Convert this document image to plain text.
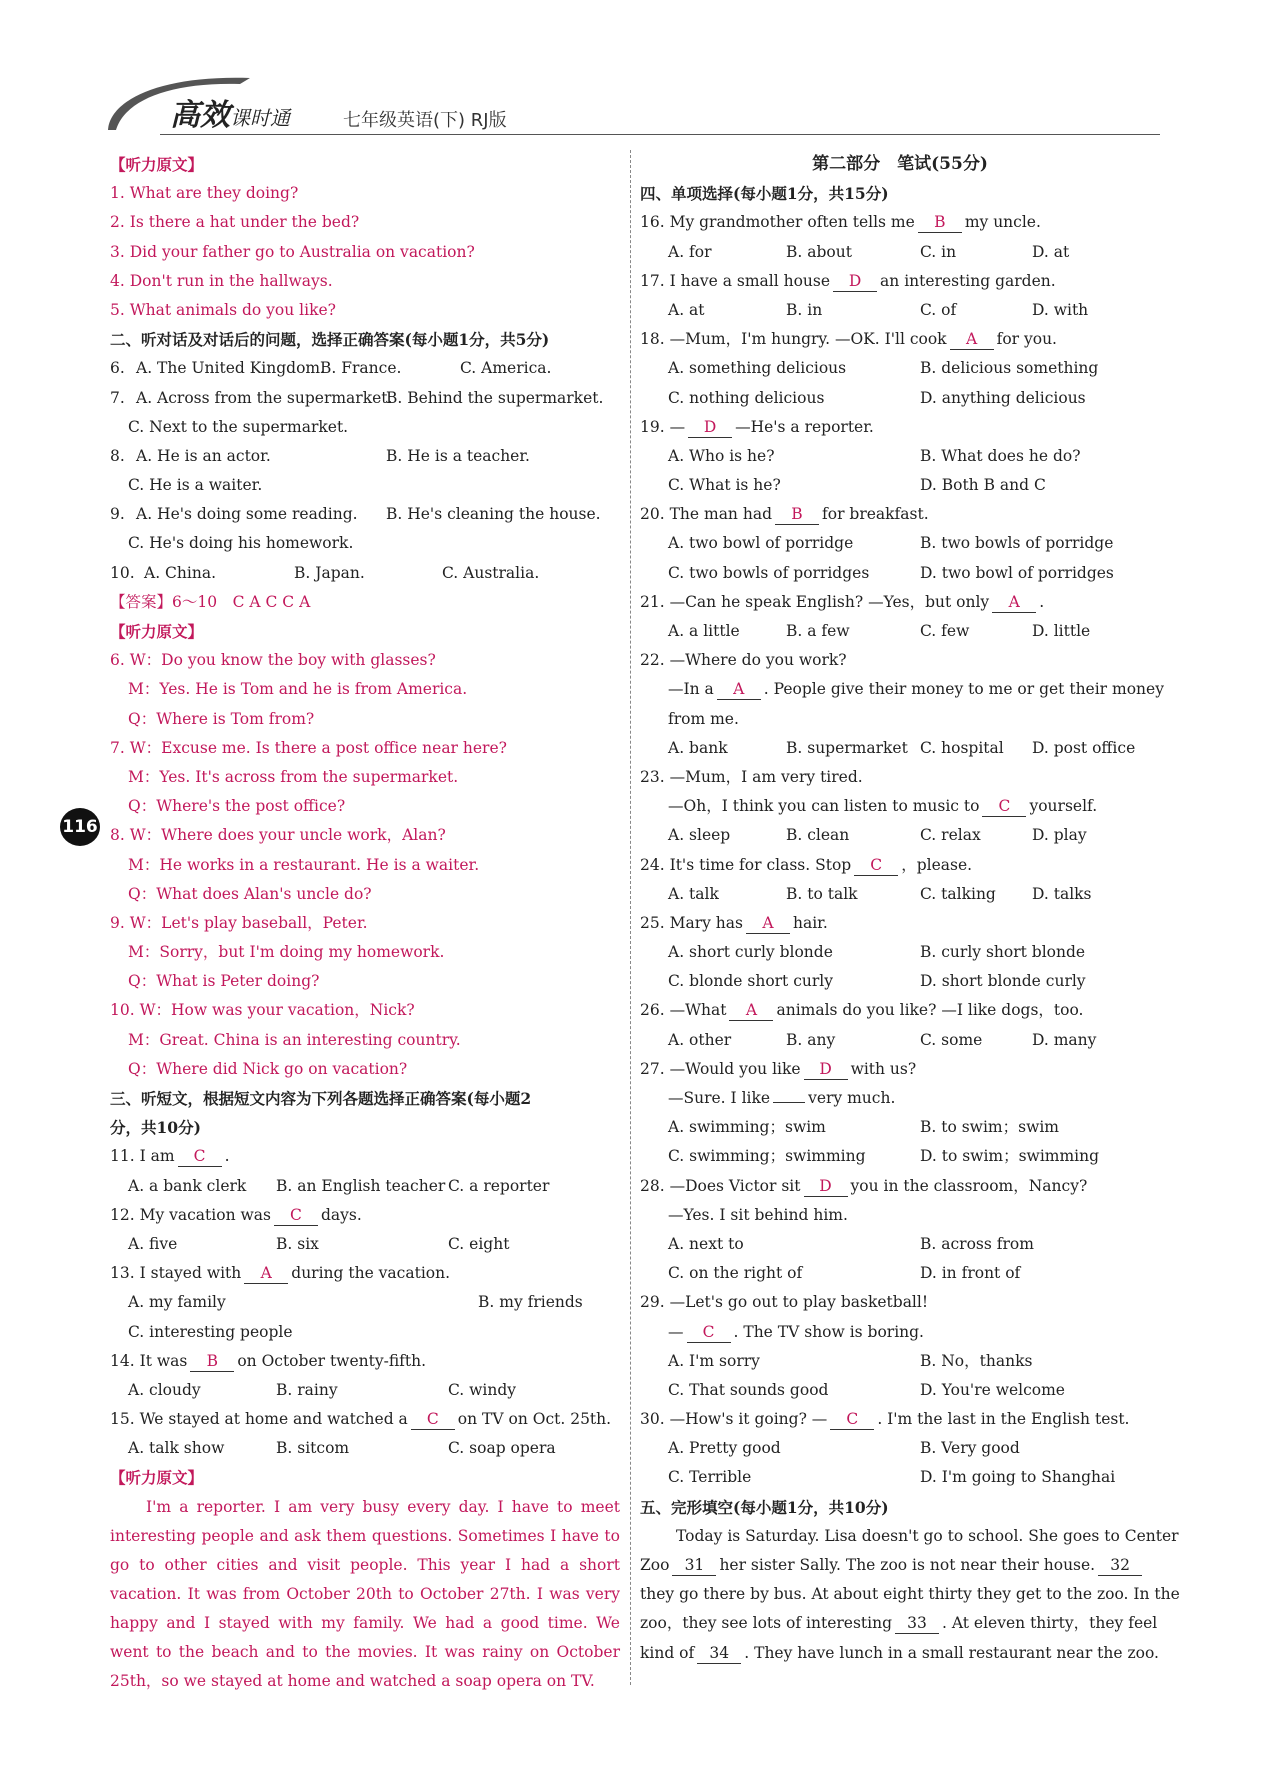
高效课时通	七年级英语(下) RJ版
116
【听力原文】
1. What are they doing?
2. Is there a hat under the bed?
3. Did your father go to Australia on vacation?
4. Don't run in the hallways.
5. What animals do you like?
二、听对话及对话后的问题，选择正确答案(每小题1分，共5分)
6. A. The United Kingdom.
B. France.	C. America.
7. A. Across from the supermarket.
B. Behind the supermarket.
C. Next to the supermarket.
8. A. He is an actor.	B. He is a teacher.
C. He is a waiter.
9. A. He's doing some reading.	B. He's cleaning the house.
C. He's doing his homework.
10. A. China.	B. Japan.	C. Australia.
【答案】6～10　C A C C A
【听力原文】
6. W：Do you know the boy with glasses?
M：Yes. He is Tom and he is from America.
Q：Where is Tom from?
7. W：Excuse me. Is there a post office near here?
M：Yes. It's across from the supermarket.
Q：Where's the post office?
8. W：Where does your uncle work，Alan?
M：He works in a restaurant. He is a waiter.
Q：What does Alan's uncle do?
9. W：Let's play baseball，Peter.
M：Sorry，but I'm doing my homework.
Q：What is Peter doing?
10. W：How was your vacation，Nick?
M：Great. China is an interesting country.
Q：Where did Nick go on vacation?
三、听短文，根据短文内容为下列各题选择正确答案(每小题2
分，共10分)
11. I am C .
A. a bank clerk	B. an English teacher C. a reporter
12. My vacation was C days.
A. five	B. six	C. eight
13. I stayed with A during the vacation.
A. my family	B. my friends
C. interesting people
14. It was B on October twenty-fifth.
A. cloudy	B. rainy	C. windy
15. We stayed at home and watched a C on TV on Oct. 25th.
A. talk show	B. sitcom	C. soap opera
【听力原文】
I'm a reporter. I am very busy every day. I have to meet interesting people and ask them questions. Sometimes I have to go to other cities and visit people. This year I had a short vacation. It was from October 20th to October 27th. I was very happy and I stayed with my family. We had a good time. We went to the beach and to the movies. It was rainy on October 25th，so we stayed at home and watched a soap opera on TV.
第二部分　笔试(55分)
四、单项选择(每小题1分，共15分)
16. My grandmother often tells me B my uncle.
A. for	B. about	C. in	D. at
17. I have a small house D an interesting garden.
A. at	B. in	C. of	D. with
18. —Mum，I'm hungry. —OK. I'll cook A for you.
A. something delicious	B. delicious something
C. nothing delicious	D. anything delicious
19. — D —He's a reporter.
A. Who is he?	B. What does he do?
C. What is he?	D. Both B and C
20. The man had B for breakfast.
A. two bowl of porridge	B. two bowls of porridge
C. two bowls of porridges	D. two bowl of porridges
21. —Can he speak English? —Yes，but only A .
A. a little	B. a few	C. few	D. little
22. —Where do you work?
—In a A . People give their money to me or get their money
from me.
A. bank	B. supermarket C. hospital	D. post office
23. —Mum，I am very tired.
—Oh，I think you can listen to music to C yourself.
A. sleep	B. clean	C. relax	D. play
24. It's time for class. Stop C ，please.
A. talk	B. to talk	C. talking	D. talks
25. Mary has A hair.
A. short curly blonde	B. curly short blonde
C. blonde short curly	D. short blonde curly
26. —What A animals do you like? —I like dogs，too.
A. other	B. any	C. some	D. many
27. —Would you like D with us?
—Sure. I like very much.
A. swimming；swim	B. to swim；swim
C. swimming；swimming	D. to swim；swimming
28. —Does Victor sit D you in the classroom，Nancy?
—Yes. I sit behind him.
A. next to	B. across from
C. on the right of	D. in front of
29. —Let's go out to play basketball!
— C . The TV show is boring.
A. I'm sorry	B. No，thanks
C. That sounds good	D. You're welcome
30. —How's it going? — C . I'm the last in the English test.
A. Pretty good	B. Very good
C. Terrible	D. I'm going to Shanghai
五、完形填空(每小题1分，共10分)
Today is Saturday. Lisa doesn't go to school. She goes to Center
Zoo 31 her sister Sally. The zoo is not near their house. 32
they go there by bus. At about eight thirty they get to the zoo. In the
zoo，they see lots of interesting 33 . At eleven thirty，they feel
kind of 34 . They have lunch in a small restaurant near the zoo.
